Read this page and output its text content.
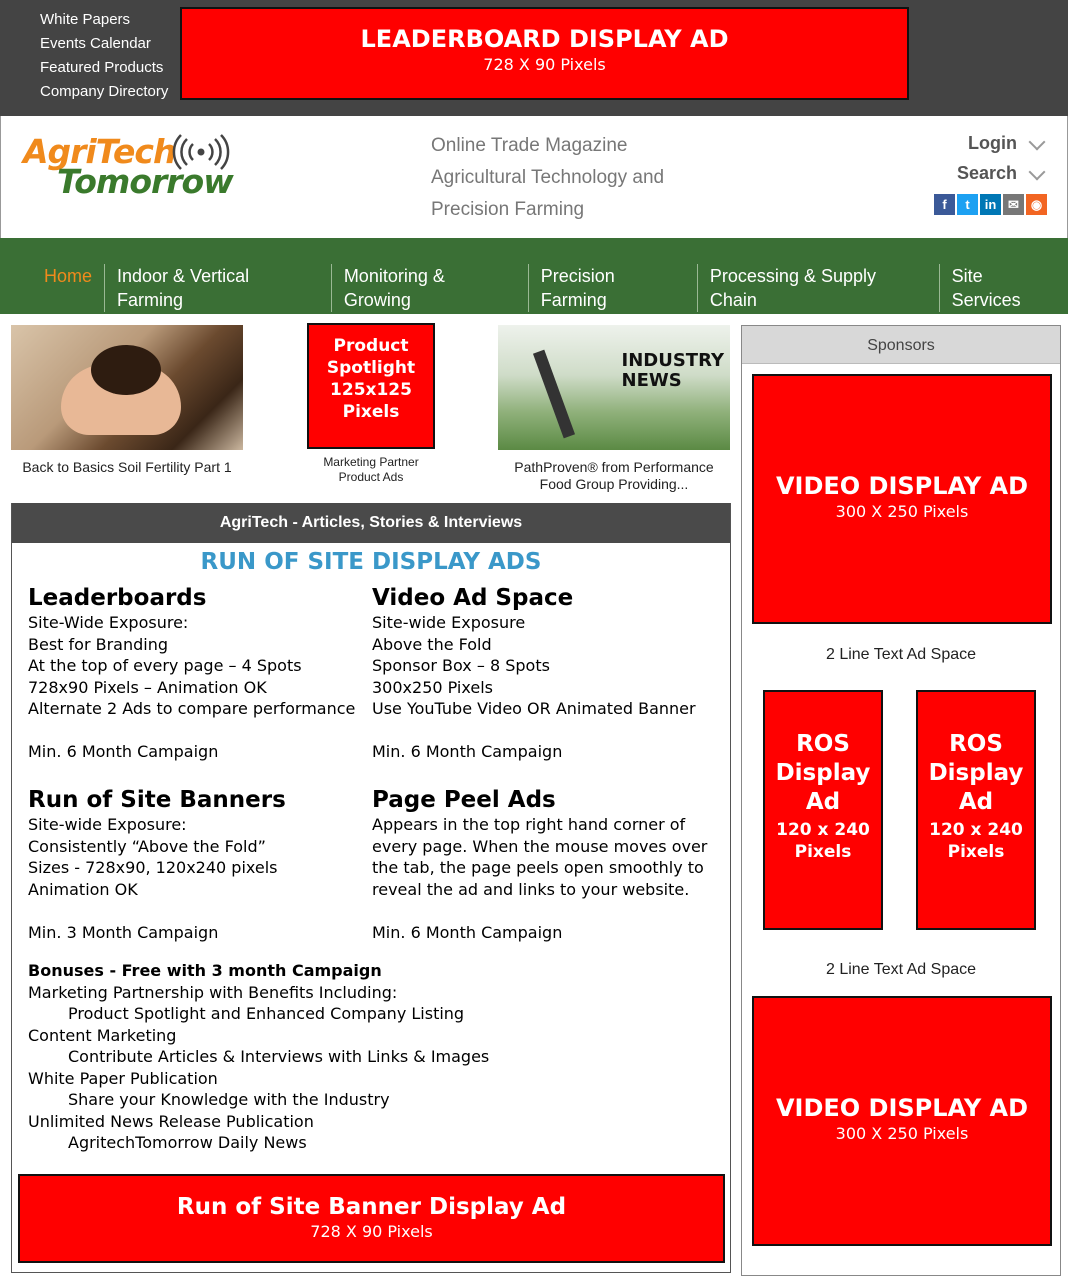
White Papers
Events Calendar
Featured Products
Company Directory
LEADERBOARD DISPLAY AD
728 X 90 Pixels
AgriTech
Tomorrow
Online Trade Magazine
Agricultural Technology and
Precision Farming
Login
Search
f t in ✉ ◉
Home	Indoor & Vertical Farming
Monitoring & Growing
Precision Farming
Processing & Supply Chain
Site Services
Back to Basics Soil Fertility Part 1
Product
Spotlight
125x125
Pixels
Marketing Partner
Product Ads
INDUSTRY
NEWS
PathProven® from Performance
Food Group Providing...
AgriTech - Articles, Stories & Interviews
RUN OF SITE DISPLAY ADS
Leaderboards
Site-Wide Exposure:
Best for Branding
At the top of every page – 4 Spots
728x90 Pixels – Animation OK
Alternate 2 Ads to compare performance
Min. 6 Month Campaign
Video Ad Space
Site-wide Exposure
Above the Fold
Sponsor Box – 8 Spots
300x250 Pixels
Use YouTube Video OR Animated Banner
Min. 6 Month Campaign
Run of Site Banners
Site-wide Exposure:
Consistently “Above the Fold”
Sizes - 728x90, 120x240 pixels
Animation OK
Min. 3 Month Campaign
Page Peel Ads
Appears in the top right hand corner of
every page. When the mouse moves over
the tab, the page peels open smoothly to
reveal the ad and links to your website.
Min. 6 Month Campaign
Bonuses - Free with 3 month Campaign
Marketing Partnership with Benefits Including:
Product Spotlight and Enhanced Company Listing
Content Marketing
Contribute Articles & Interviews with Links & Images
White Paper Publication
Share your Knowledge with the Industry
Unlimited News Release Publication
AgritechTomorrow Daily News
Run of Site Banner Display Ad
728 X 90 Pixels
Sponsors
VIDEO DISPLAY AD
300 X 250 Pixels
2 Line Text Ad Space
ROS
Display
Ad
120 x 240
Pixels
ROS
Display
Ad
120 x 240
Pixels
2 Line Text Ad Space
VIDEO DISPLAY AD
300 X 250 Pixels
